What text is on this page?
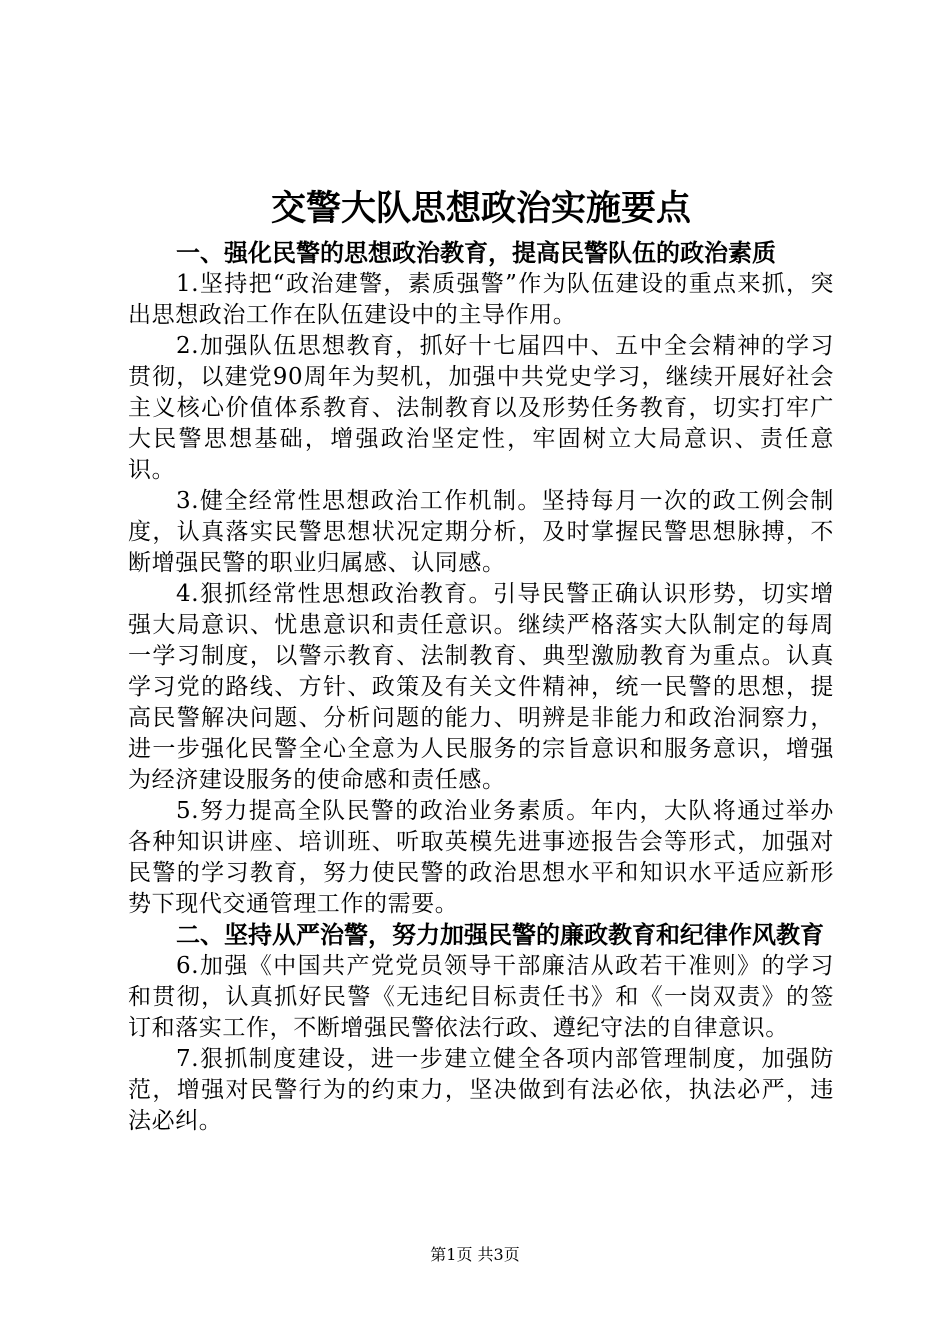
交警大队思想政治实施要点

一、强化民警的思想政治教育，提高民警队伍的政治素质

1.坚持把“政治建警，素质强警”作为队伍建设的重点来抓，突出思想政治工作在队伍建设中的主导作用。

2.加强队伍思想教育，抓好十七届四中、五中全会精神的学习贯彻，以建党90周年为契机，加强中共党史学习，继续开展好社会主义核心价值体系教育、法制教育以及形势任务教育，切实打牢广大民警思想基础，增强政治坚定性，牢固树立大局意识、责任意识。

3.健全经常性思想政治工作机制。坚持每月一次的政工例会制度，认真落实民警思想状况定期分析，及时掌握民警思想脉搏，不断增强民警的职业归属感、认同感。

4.狠抓经常性思想政治教育。引导民警正确认识形势，切实增强大局意识、忧患意识和责任意识。继续严格落实大队制定的每周一学习制度，以警示教育、法制教育、典型激励教育为重点。认真学习党的路线、方针、政策及有关文件精神，统一民警的思想，提高民警解决问题、分析问题的能力、明辨是非能力和政治洞察力，进一步强化民警全心全意为人民服务的宗旨意识和服务意识，增强为经济建设服务的使命感和责任感。

5.努力提高全队民警的政治业务素质。年内，大队将通过举办各种知识讲座、培训班、听取英模先进事迹报告会等形式，加强对民警的学习教育，努力使民警的政治思想水平和知识水平适应新形势下现代交通管理工作的需要。

二、坚持从严治警，努力加强民警的廉政教育和纪律作风教育

6.加强《中国共产党党员领导干部廉洁从政若干准则》的学习和贯彻，认真抓好民警《无违纪目标责任书》和《一岗双责》的签订和落实工作，不断增强民警依法行政、遵纪守法的自律意识。

7.狠抓制度建设，进一步建立健全各项内部管理制度，加强防范，增强对民警行为的约束力，坚决做到有法必依，执法必严，违法必纠。

第1页 共3页
